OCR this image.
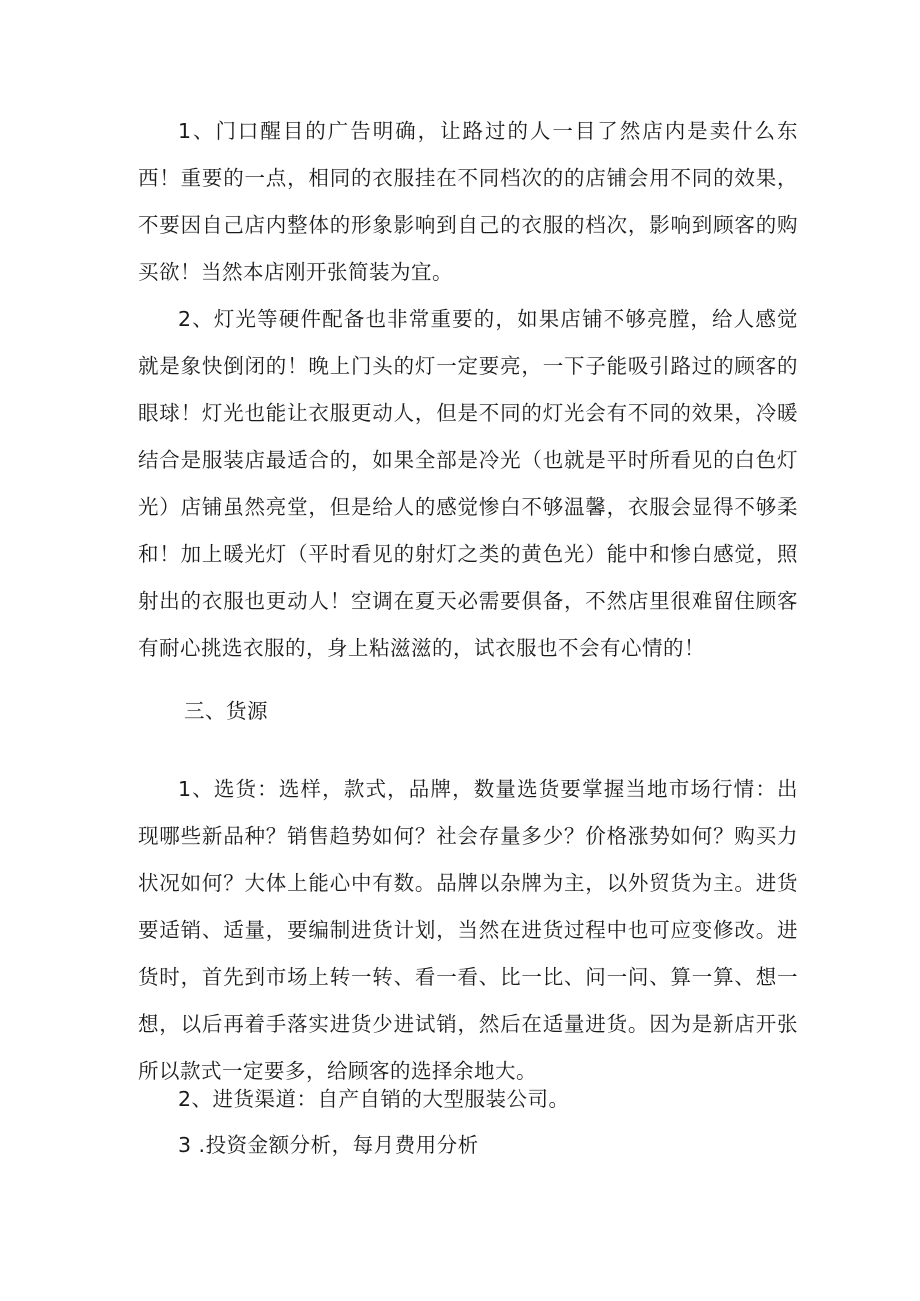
1、门口醒目的广告明确，让路过的人一目了然店内是卖什么东西！重要的一点，相同的衣服挂在不同档次的的店铺会用不同的效果，不要因自己店内整体的形象影响到自己的衣服的档次，影响到顾客的购买欲！当然本店刚开张简装为宜。

2、灯光等硬件配备也非常重要的，如果店铺不够亮膛，给人感觉就是象快倒闭的！晚上门头的灯一定要亮，一下子能吸引路过的顾客的眼球！灯光也能让衣服更动人，但是不同的灯光会有不同的效果，冷暖结合是服装店最适合的，如果全部是冷光（也就是平时所看见的白色灯光）店铺虽然亮堂，但是给人的感觉惨白不够温馨，衣服会显得不够柔和！加上暖光灯（平时看见的射灯之类的黄色光）能中和惨白感觉，照射出的衣服也更动人！空调在夏天必需要俱备，不然店里很难留住顾客有耐心挑选衣服的，身上粘滋滋的，试衣服也不会有心情的！

三、货源

1、选货：选样，款式，品牌，数量选货要掌握当地市场行情：出现哪些新品种？销售趋势如何？社会存量多少？价格涨势如何？购买力状况如何？大体上能心中有数。品牌以杂牌为主，以外贸货为主。进货要适销、适量，要编制进货计划，当然在进货过程中也可应变修改。进货时，首先到市场上转一转、看一看、比一比、问一问、算一算、想一想，以后再着手落实进货少进试销，然后在适量进货。因为是新店开张所以款式一定要多，给顾客的选择余地大。

2、进货渠道：自产自销的大型服装公司。

3 .投资金额分析，每月费用分析
